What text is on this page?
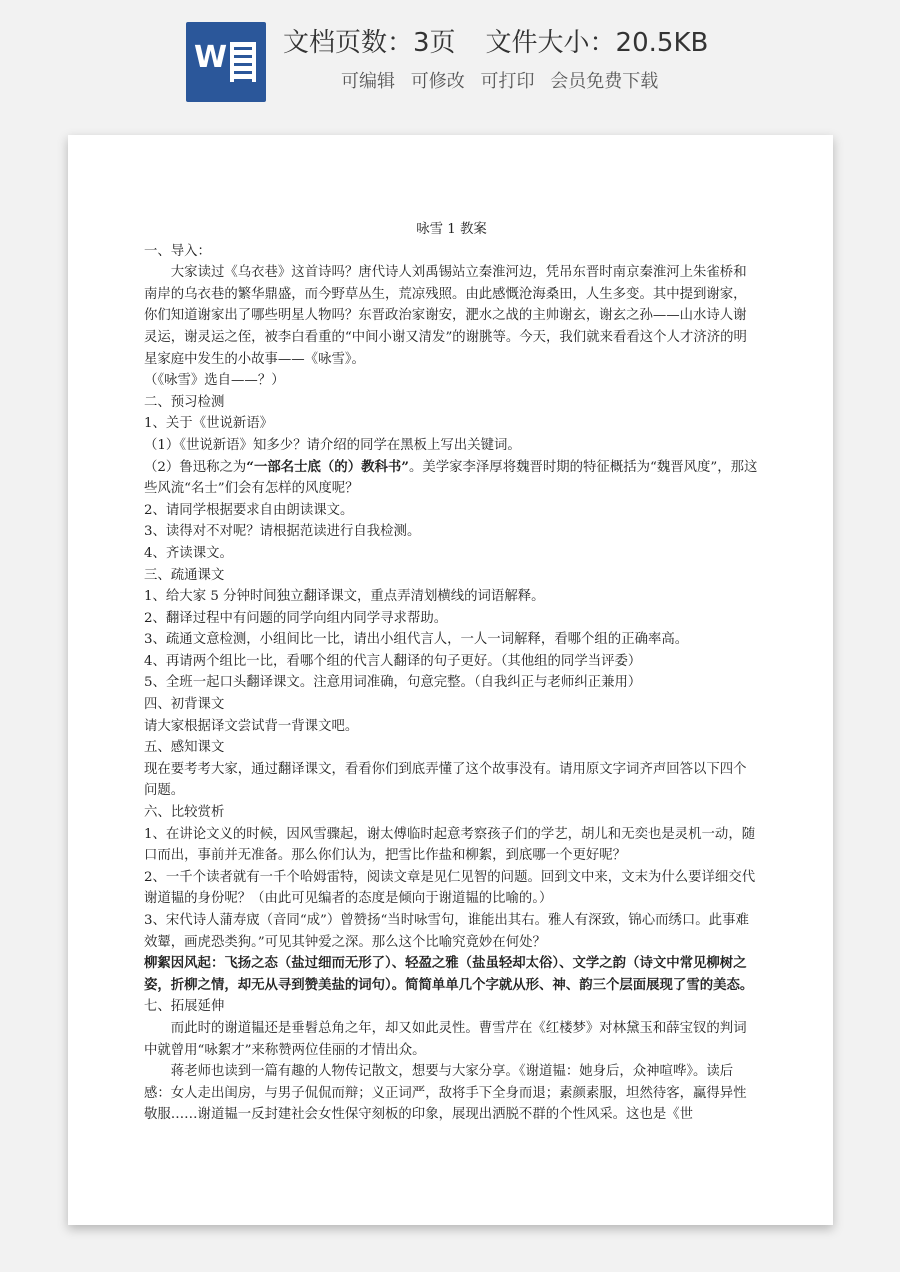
W 文档页数：3页 文件大小：20.5KB
可编辑 可修改 可打印 会员免费下载

咏雪 1 教案

一、导入：

大家读过《乌衣巷》这首诗吗？唐代诗人刘禹锡站立秦淮河边，凭吊东晋时南京秦淮河上朱雀桥和南岸的乌衣巷的繁华鼎盛，而今野草丛生，荒凉残照。由此感慨沧海桑田，人生多变。其中提到谢家，你们知道谢家出了哪些明星人物吗？东晋政治家谢安，淝水之战的主帅谢玄，谢玄之孙——山水诗人谢灵运，谢灵运之侄，被李白看重的“中间小谢又清发”的谢朓等。今天，我们就来看看这个人才济济的明星家庭中发生的小故事——《咏雪》。

（《咏雪》选自——？）

二、预习检测

1、关于《世说新语》

（1）《世说新语》知多少？请介绍的同学在黑板上写出关键词。

（2）鲁迅称之为“一部名士底（的）教科书”。美学家李泽厚将魏晋时期的特征概括为“魏晋风度”，那这些风流“名士”们会有怎样的风度呢？

2、请同学根据要求自由朗读课文。

3、读得对不对呢？请根据范读进行自我检测。

4、齐读课文。

三、疏通课文

1、给大家 5 分钟时间独立翻译课文，重点弄清划横线的词语解释。

2、翻译过程中有问题的同学向组内同学寻求帮助。

3、疏通文意检测，小组间比一比，请出小组代言人，一人一词解释，看哪个组的正确率高。

4、再请两个组比一比，看哪个组的代言人翻译的句子更好。（其他组的同学当评委）

5、全班一起口头翻译课文。注意用词准确，句意完整。（自我纠正与老师纠正兼用）

四、初背课文

请大家根据译文尝试背一背课文吧。

五、感知课文

现在要考考大家，通过翻译课文，看看你们到底弄懂了这个故事没有。请用原文字词齐声回答以下四个问题。

六、比较赏析

1、在讲论文义的时候，因风雪骤起，谢太傅临时起意考察孩子们的学艺，胡儿和无奕也是灵机一动，随口而出，事前并无准备。那么你们认为，把雪比作盐和柳絮，到底哪一个更好呢？

2、一千个读者就有一千个哈姆雷特，阅读文章是见仁见智的问题。回到文中来，文末为什么要详细交代谢道韫的身份呢？（由此可见编者的态度是倾向于谢道韫的比喻的。）

3、宋代诗人蒲寿宬（音同“成”）曾赞扬“当时咏雪句，谁能出其右。雅人有深致，锦心而绣口。此事难效颦，画虎恐类狗。”可见其钟爱之深。那么这个比喻究竟妙在何处？

柳絮因风起：飞扬之态（盐过细而无形了）、轻盈之雅（盐虽轻却太俗）、文学之韵（诗文中常见柳树之姿，折柳之情，却无从寻到赞美盐的词句）。简简单单几个字就从形、神、韵三个层面展现了雪的美态。

七、拓展延伸

而此时的谢道韫还是垂髫总角之年，却又如此灵性。曹雪芹在《红楼梦》对林黛玉和薛宝钗的判词中就曾用“咏絮才”来称赞两位佳丽的才情出众。

蒋老师也读到一篇有趣的人物传记散文，想要与大家分享。《谢道韫：她身后，众神喧哗》。读后感：女人走出闺房，与男子侃侃而辩；义正词严，敌将手下全身而退；素颜素服，坦然待客，赢得异性敬服……谢道韫一反封建社会女性保守刻板的印象，展现出洒脱不群的个性风采。这也是《世
